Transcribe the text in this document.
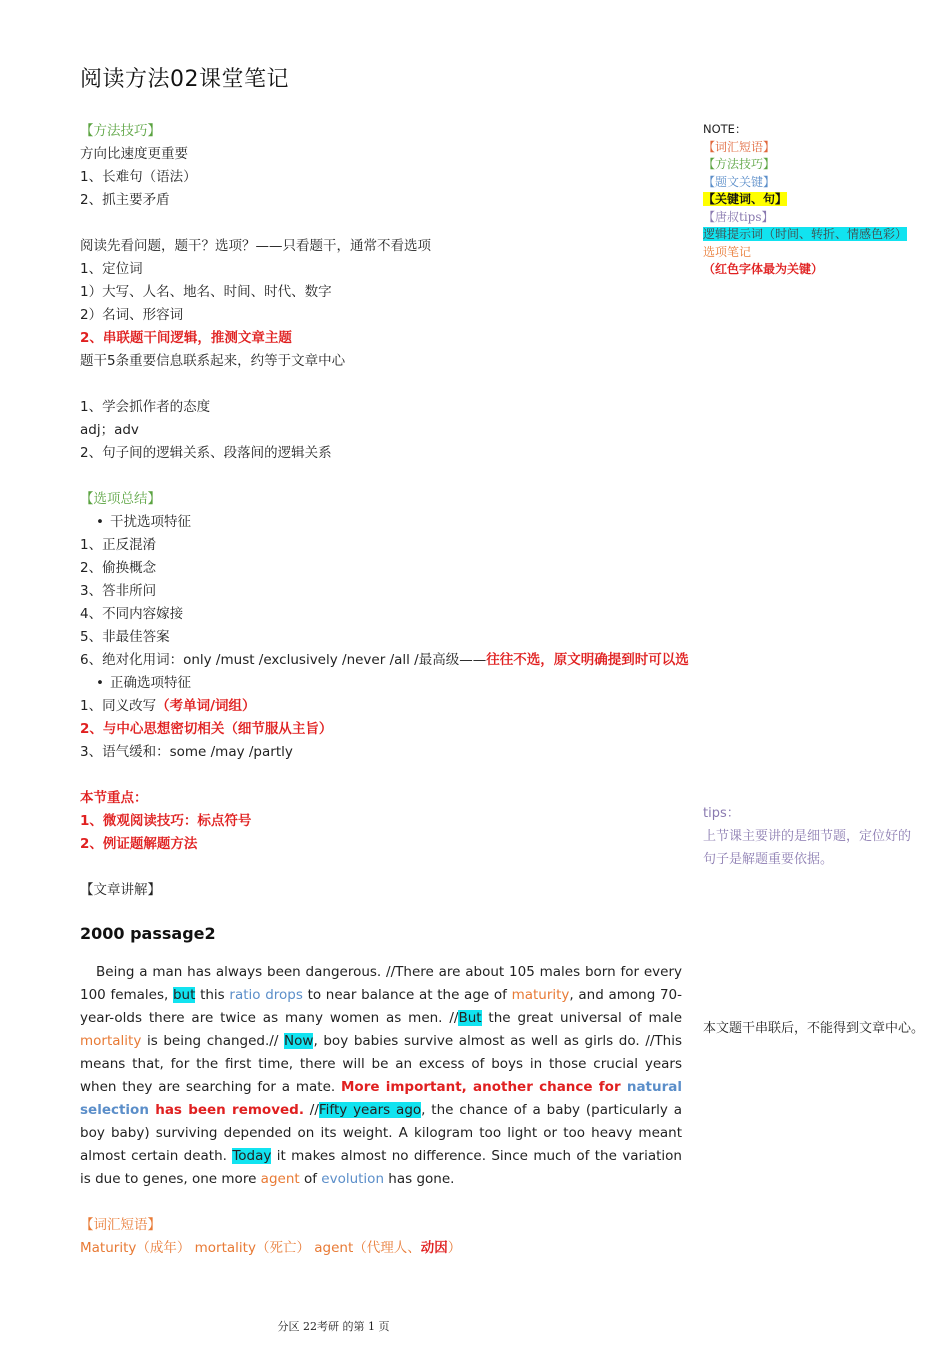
阅读方法02课堂笔记
【方法技巧】
方向比速度更重要
1、长难句（语法）
2、抓主要矛盾
阅读先看问题，题干？选项？——只看题干，通常不看选项
1、定位词
1）大写、人名、地名、时间、时代、数字
2）名词、形容词
2、串联题干间逻辑，推测文章主题
题干5条重要信息联系起来，约等于文章中心
1、学会抓作者的态度
adj；adv
2、句子间的逻辑关系、段落间的逻辑关系
【选项总结】
• 干扰选项特征
1、正反混淆
2、偷换概念
3、答非所问
4、不同内容嫁接
5、非最佳答案
6、绝对化用词：only /must /exclusively /never /all /最高级——往往不选，原文明确提到时可以选
• 正确选项特征
1、同义改写（考单词/词组）
2、与中心思想密切相关（细节服从主旨）
3、语气缓和：some /may /partly
本节重点：
1、微观阅读技巧：标点符号
2、例证题解题方法
【文章讲解】
2000 passage2
Being a man has always been dangerous. //There are about 105 males born for every 100 females, but this ratio drops to near balance at the age of maturity, and among 70-year-olds there are twice as many women as men. //But the great universal of male mortality is being changed.// Now, boy babies survive almost as well as girls do. //This means that, for the first time, there will be an excess of boys in those crucial years when they are searching for a mate. More important, another chance for natural selection has been removed. //Fifty years ago, the chance of a baby (particularly a boy baby) surviving depended on its weight. A kilogram too light or too heavy meant almost certain death. Today it makes almost no difference. Since much of the variation is due to genes, one more agent of evolution has gone.
【词汇短语】
Maturity（成年） mortality（死亡） agent（代理人、动因）
NOTE：
【词汇短语】
【方法技巧】
【题文关键】
【关键词、句】
【唐叔tips】
逻辑提示词（时间、转折、情感色彩）
选项笔记
（红色字体最为关键）
tips：
上节课主要讲的是细节题，定位好的
句子是解题重要依据。
本文题干串联后，不能得到文章中心。
分区 22考研 的第 1 页
